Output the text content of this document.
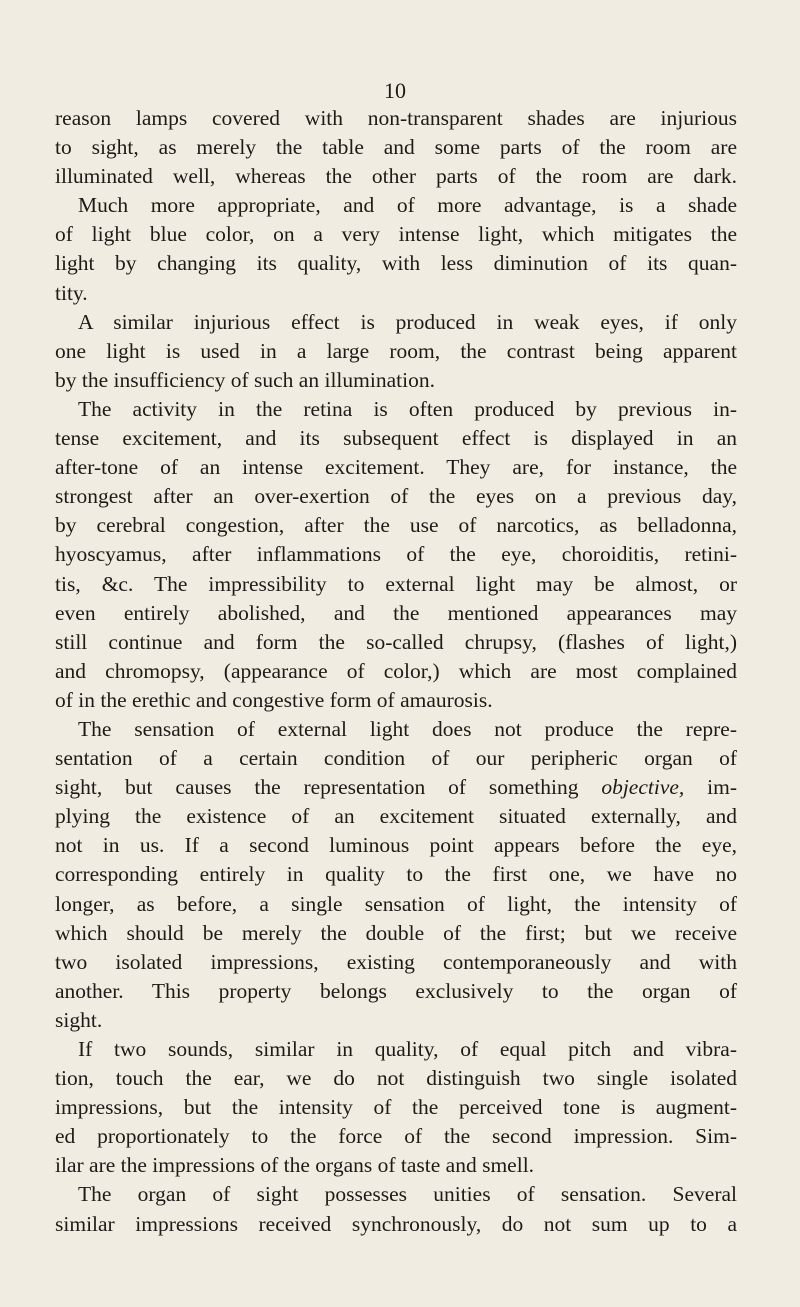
10
reason lamps covered with non-transparent shades are injurious
to sight, as merely the table and some parts of the room are
illuminated well, whereas the other parts of the room are dark.
Much more appropriate, and of more advantage, is a shade
of light blue color, on a very intense light, which mitigates the
light by changing its quality, with less diminution of its quan-
tity.
A similar injurious effect is produced in weak eyes, if only
one light is used in a large room, the contrast being apparent
by the insufficiency of such an illumination.
The activity in the retina is often produced by previous in-
tense excitement, and its subsequent effect is displayed in an
after-tone of an intense excitement. They are, for instance, the
strongest after an over-exertion of the eyes on a previous day,
by cerebral congestion, after the use of narcotics, as belladonna,
hyoscyamus, after inflammations of the eye, choroiditis, retini-
tis, &c. The impressibility to external light may be almost, or
even entirely abolished, and the mentioned appearances may
still continue and form the so-called chrupsy, (flashes of light,)
and chromopsy, (appearance of color,) which are most complained
of in the erethic and congestive form of amaurosis.
The sensation of external light does not produce the repre-
sentation of a certain condition of our peripheric organ of
sight, but causes the representation of something objective, im-
plying the existence of an excitement situated externally, and
not in us. If a second luminous point appears before the eye,
corresponding entirely in quality to the first one, we have no
longer, as before, a single sensation of light, the intensity of
which should be merely the double of the first; but we receive
two isolated impressions, existing contemporaneously and with
another. This property belongs exclusively to the organ of
sight.
If two sounds, similar in quality, of equal pitch and vibra-
tion, touch the ear, we do not distinguish two single isolated
impressions, but the intensity of the perceived tone is augment-
ed proportionately to the force of the second impression. Sim-
ilar are the impressions of the organs of taste and smell.
The organ of sight possesses unities of sensation. Several
similar impressions received synchronously, do not sum up to a
